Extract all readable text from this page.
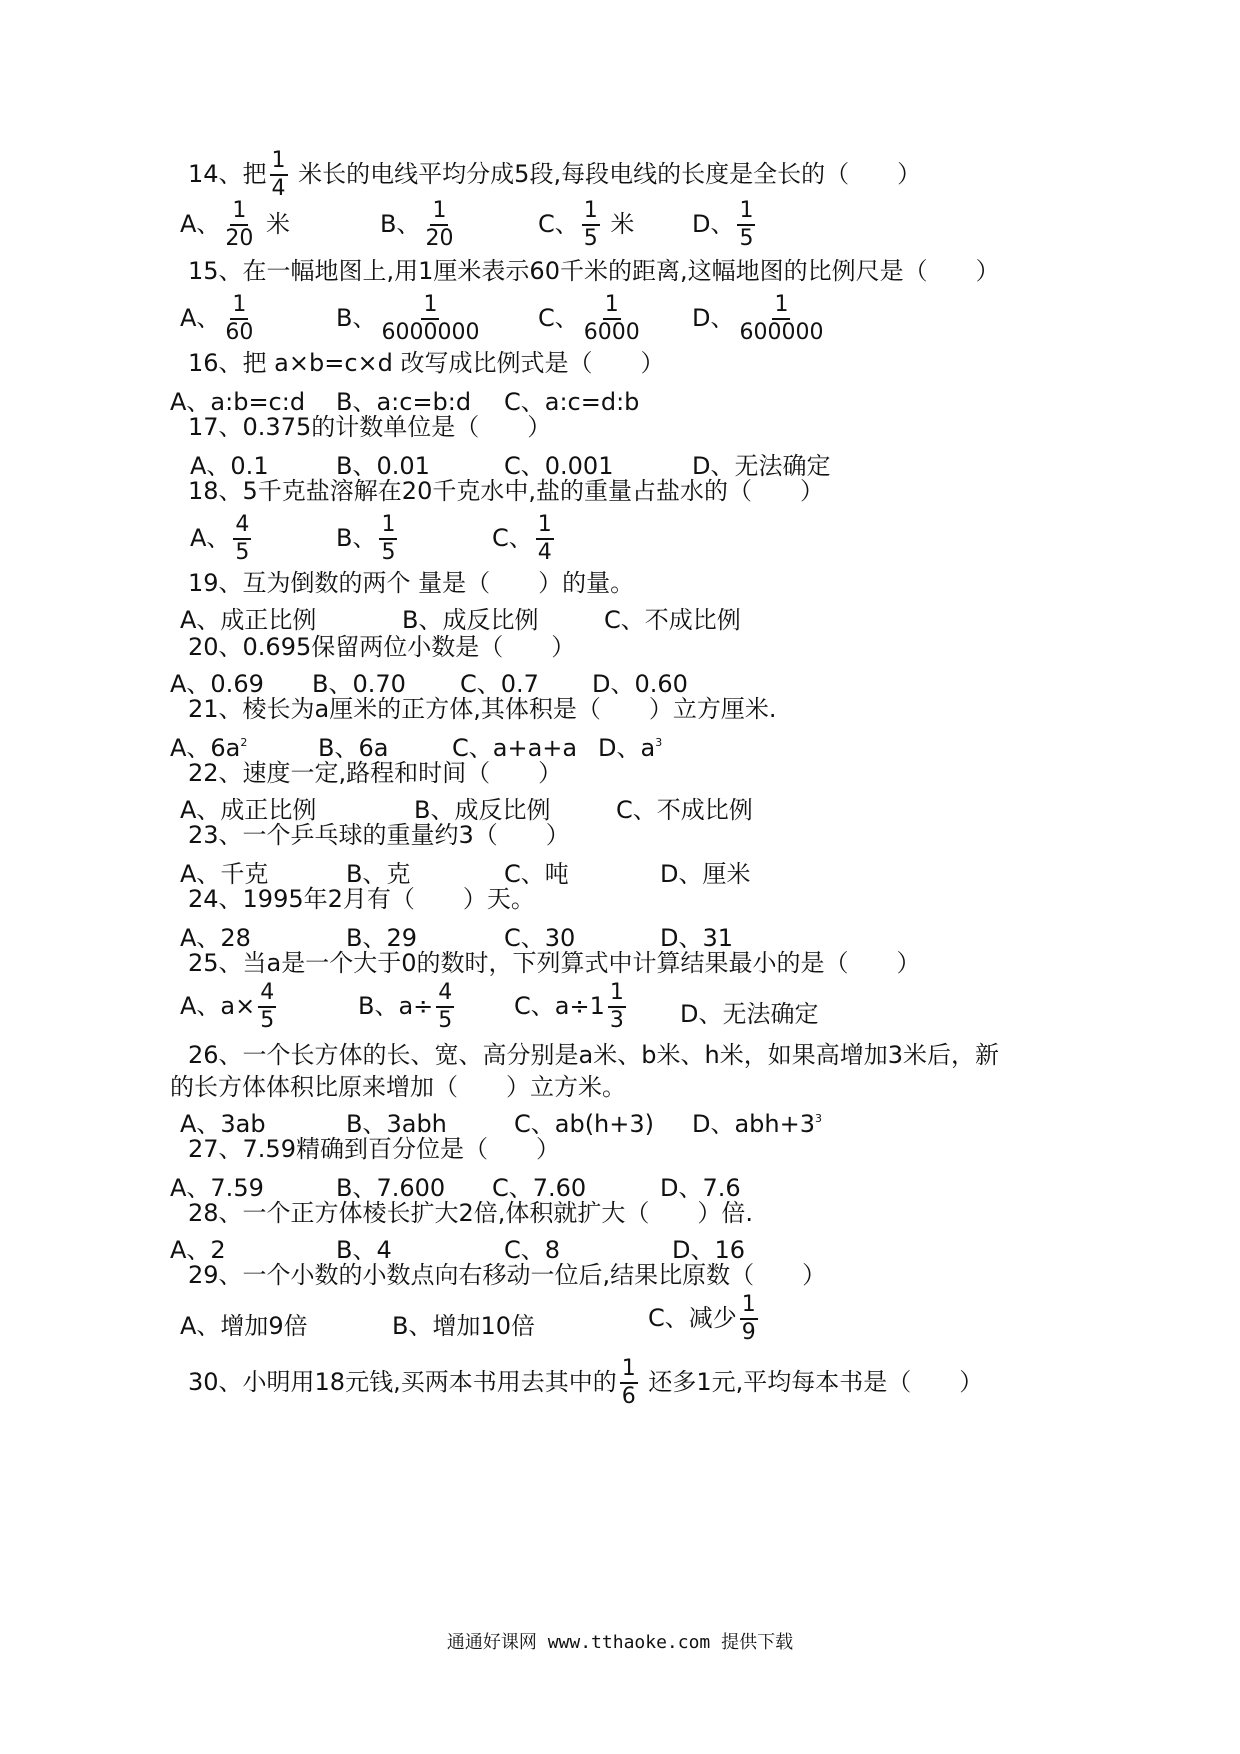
14、把 $\frac{1}{4}$ 米长的电线平均分成5段,每段电线的长度是全长的（　　）
A、 $\frac{1}{20}$ 米	B、 $\frac{1}{20}$	C、 $\frac{1}{5}$ 米 D、 $\frac{1}{5}$
15、在一幅地图上,用1厘米表示60千米的距离,这幅地图的比例尺是（　　）
A、 $\frac{1}{60}$	B、 $\frac{1}{6000000}$ C、 $\frac{1}{6000}$ D、 $\frac{1}{600000}$
16、把 a×b=c×d 改写成比例式是（　　）
A、a:b=c:d B、a:c=b:d C、a:c=d:b
17、0.375的计数单位是（　　）
A、0.1	B、0.01	C、0.001	D、无法确定
18、5千克盐溶解在20千克水中,盐的重量占盐水的（　　）
A、 $\frac{4}{5}$	B、 $\frac{1}{5}$	C、 $\frac{1}{4}$
19、互为倒数的两个 量是（　　）的量。
A、成正比例	B、成反比例	C、不成比例
20、0.695保留两位小数是（　　）
A、0.69 B、0.70 C、0.7 D、0.60
21、棱长为a厘米的正方体,其体积是（　　）立方厘米.
A、$6a^2$	B、6a	C、a+a+a D、$a^3$
22、速度一定,路程和时间（　　）
A、成正比例	B、成反比例	C、不成比例
23、一个乒乓球的重量约3（　　）
A、千克	B、克	C、吨	D、厘米
24、1995年2月有（　　）天。
A、28	B、29	C、30	D、31
25、当a是一个大于0的数时，下列算式中计算结果最小的是（　　）
A、$a\times \frac{4}{5}$	B、$a\div \frac{4}{5}$ C、$a\div 1 \frac{1}{3}$ D、无法确定
26、一个长方体的长、宽、高分别是a米、b米、h米，如果高增加3米后，新
的长方体体积比原来增加（　　）立方米。
A、3ab	B、3abh	C、ab(h+3) D、$abh+3^3$
27、7.59精确到百分位是（　　）
A、7.59	B、7.600 C、7.60	D、7.6
28、一个正方体棱长扩大2倍,体积就扩大（　　）倍.
A、2	B、4	C、8	D、16
29、一个小数的小数点向右移动一位后,结果比原数（　　）
A、增加9倍	B、增加10倍	C、减少 $\frac{1}{9}$
30、小明用18元钱,买两本书用去其中的 $\frac{1}{6}$ 还多1元,平均每本书是（　　）
通通好课网 www.tthaoke.com 提供下载
